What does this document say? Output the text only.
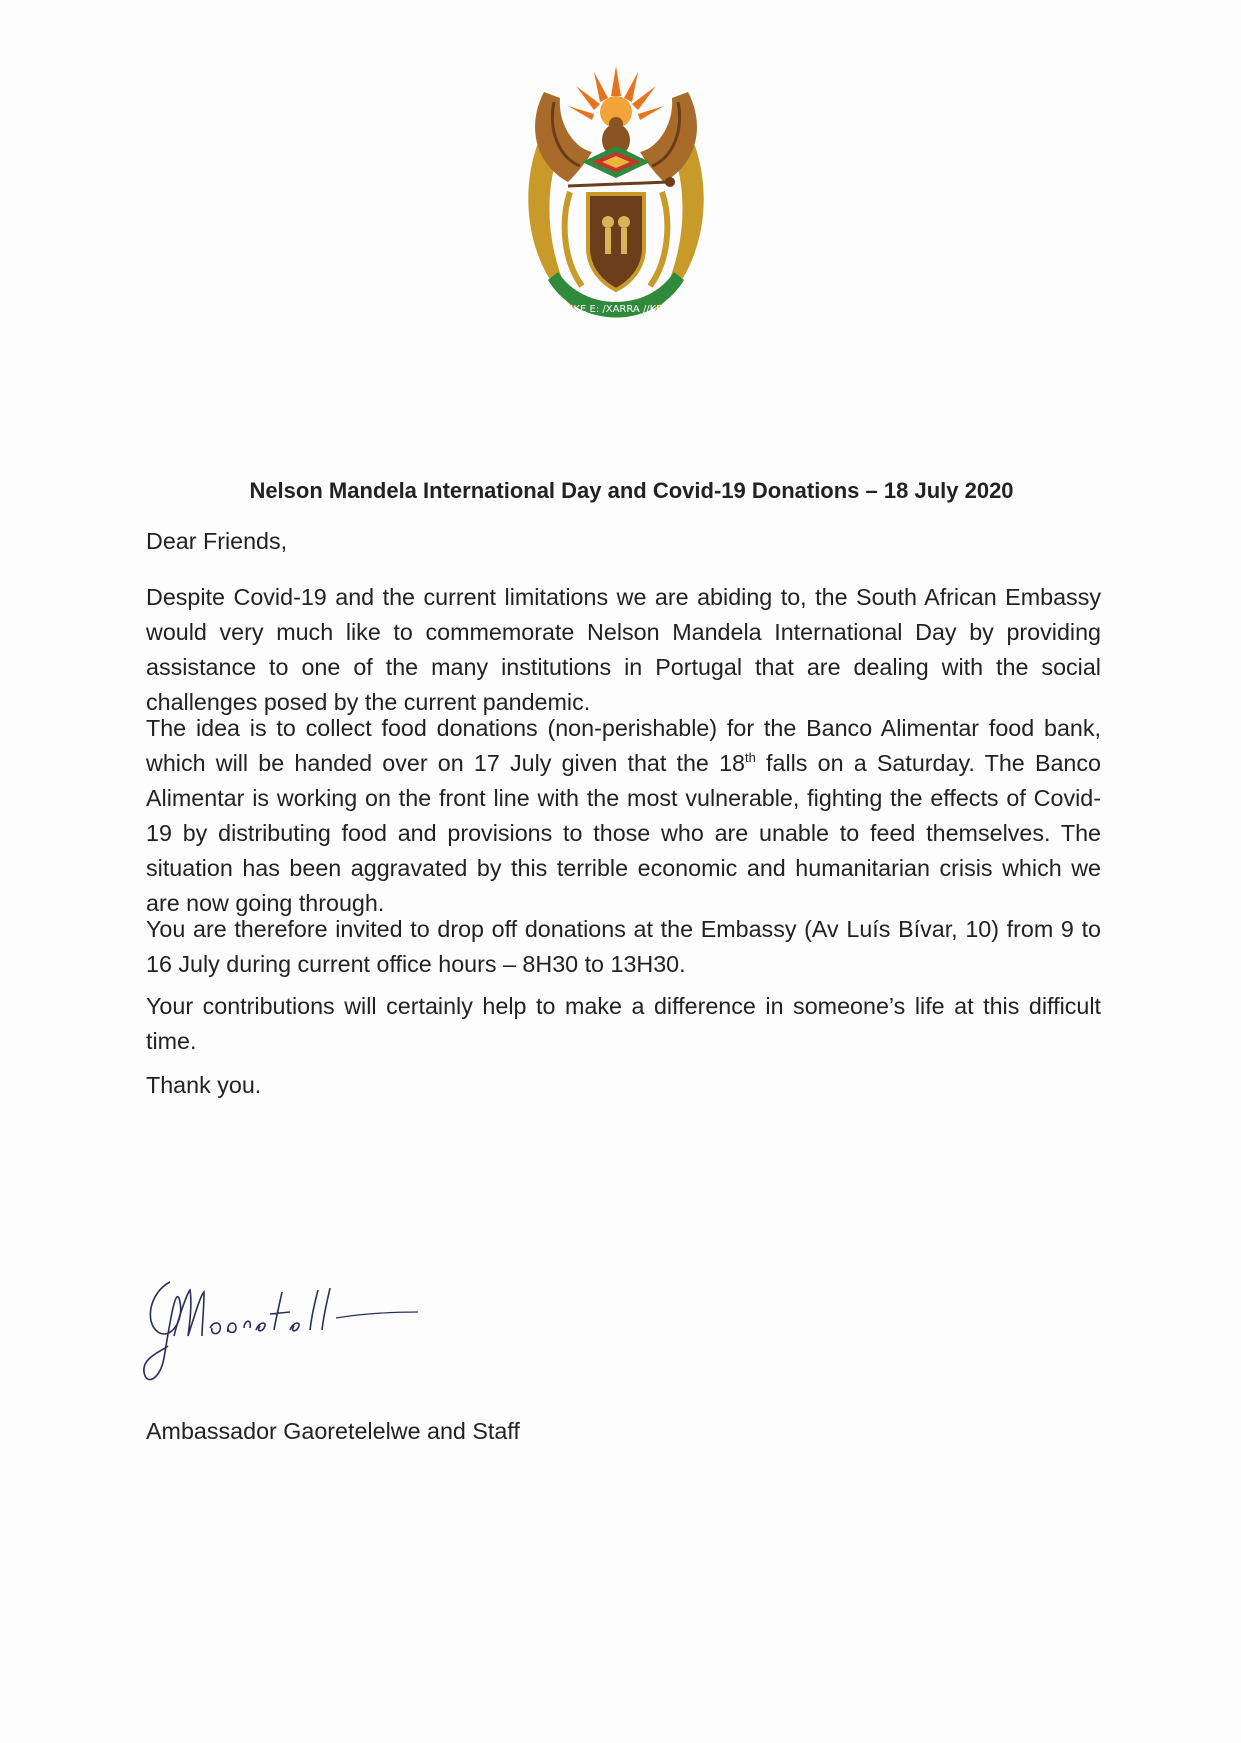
!KE E: /XARRA //KE
Nelson Mandela International Day and Covid-19 Donations – 18 July 2020
Dear Friends,

Despite Covid-19 and the current limitations we are abiding to, the South African Embassy would very much like to commemorate Nelson Mandela International Day by providing assistance to one of the many institutions in Portugal that are dealing with the social challenges posed by the current pandemic.

The idea is to collect food donations (non-perishable) for the Banco Alimentar food bank, which will be handed over on 17 July given that the 18th falls on a Saturday. The Banco Alimentar is working on the front line with the most vulnerable, fighting the effects of Covid-19 by distributing food and provisions to those who are unable to feed themselves. The situation has been aggravated by this terrible economic and humanitarian crisis which we are now going through.

You are therefore invited to drop off donations at the Embassy (Av Luís Bívar, 10) from 9 to 16 July during current office hours – 8H30 to 13H30.

Your contributions will certainly help to make a difference in someone’s life at this difficult time.

Thank you.
Ambassador Gaoretelelwe and Staff
